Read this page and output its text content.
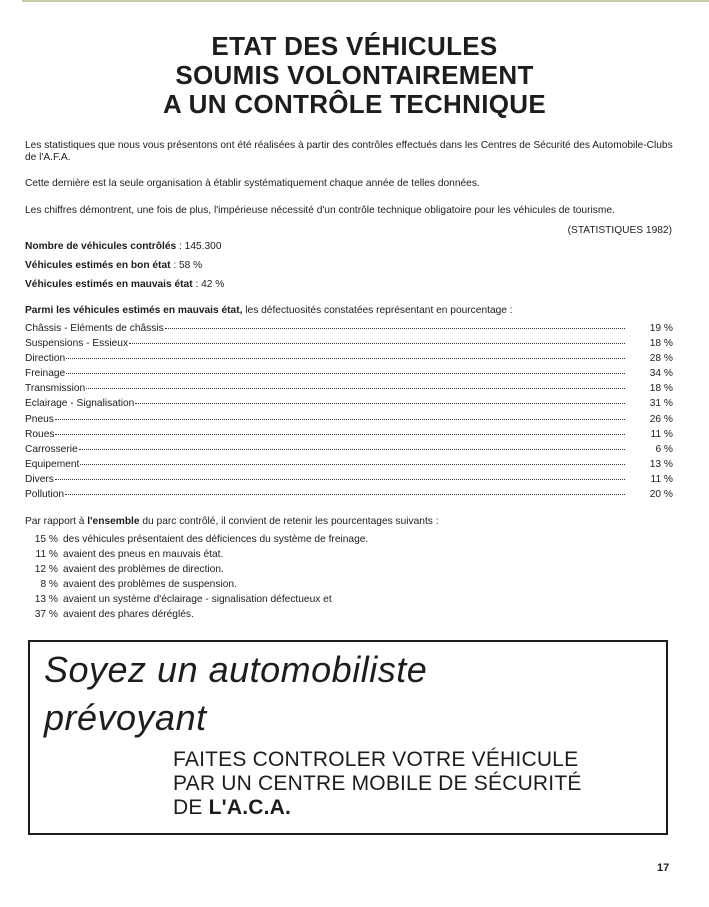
ETAT DES VÉHICULES
SOUMIS VOLONTAIREMENT
A UN CONTRÔLE TECHNIQUE
Les statistiques que nous vous présentons ont été réalisées à partir des contrôles effectués dans les Centres de Sécurité des Automobile-Clubs de l'A.F.A.
Cette dernière est la seule organisation à établir systématiquement chaque année de telles données.
Les chiffres démontrent, une fois de plus, l'impérieuse nécessité d'un contrôle technique obligatoire pour les véhicules de tourisme.
(STATISTIQUES 1982)
Nombre de véhicules contrôlés : 145.300
Véhicules estimés en bon état : 58 %
Véhicules estimés en mauvais état : 42 %
Parmi les véhicules estimés en mauvais état, les défectuosités constatées représentant en pourcentage :
Châssis - Eléments de châssis	19 %
Suspensions - Essieux	18 %
Direction	28 %
Freinage	34 %
Transmission	18 %
Eclairage - Signalisation	31 %
Pneus	26 %
Roues	11 %
Carrosserie	6 %
Equipement	13 %
Divers	11 %
Pollution	20 %
Par rapport à l'ensemble du parc contrôlé, il convient de retenir les pourcentages suivants :
15 % des véhicules présentaient des déficiences du système de freinage.
11 % avaient des pneus en mauvais état.
12 % avaient des problèmes de direction.
8 % avaient des problèmes de suspension.
13 % avaient un système d'éclairage - signalisation défectueux et
37 % avaient des phares déréglés.
Soyez un automobiliste
prévoyant
FAITES CONTROLER VOTRE VÉHICULE
PAR UN CENTRE MOBILE DE SÉCURITÉ
DE L'A.C.A.
17
